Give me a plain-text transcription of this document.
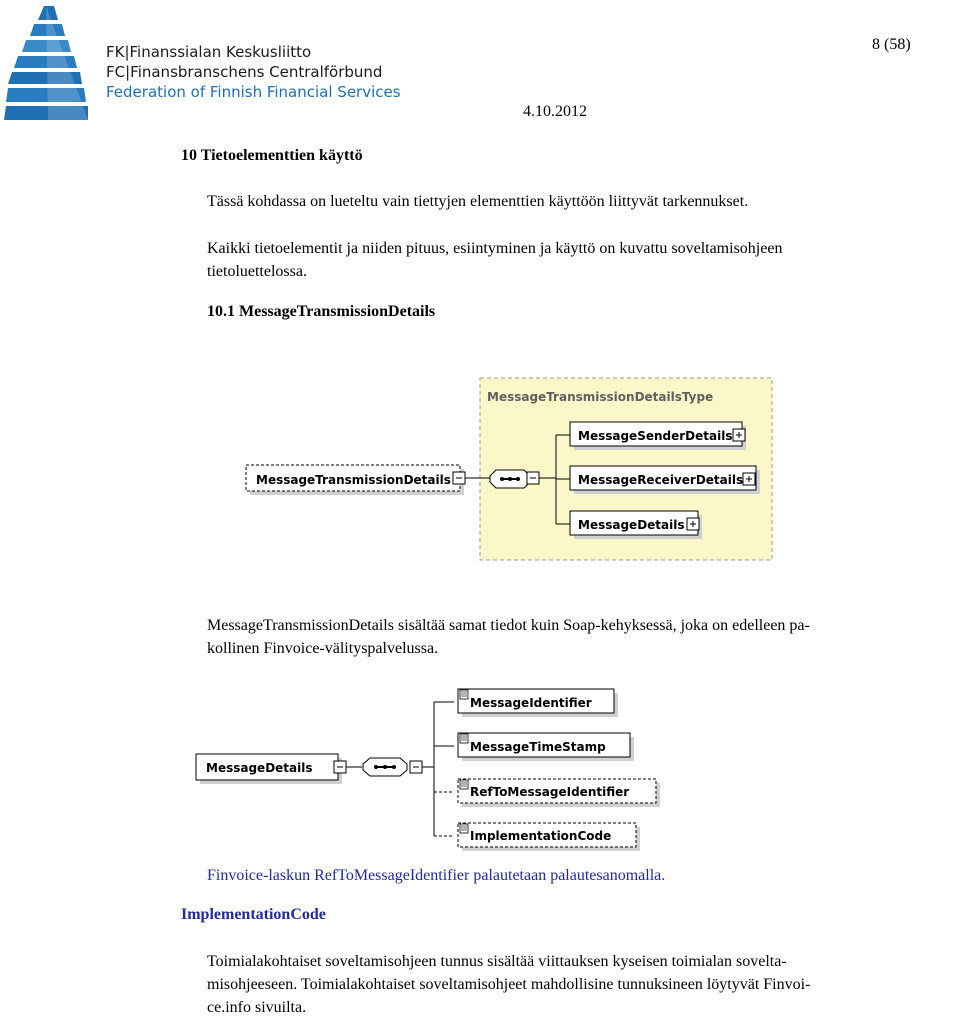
FK|Finanssialan Keskusliitto
FC|Finansbranschens Centralförbund
Federation of Finnish Financial Services
8 (58)
4.10.2012
10 Tietoelementtien käyttö
Tässä kohdassa on lueteltu vain tiettyjen elementtien käyttöön liittyvät tarkennukset.
Kaikki tietoelementit ja niiden pituus, esiintyminen ja käyttö on kuvattu soveltamisohjeen
tietoluettelossa.
10.1 MessageTransmissionDetails
MessageTransmissionDetailsType
MessageTransmissionDetails
MessageSenderDetails
MessageReceiverDetails
MessageDetails
MessageTransmissionDetails sisältää samat tiedot kuin Soap-kehyksessä, joka on edelleen pa-
kollinen Finvoice-välityspalvelussa.
MessageDetails
MessageIdentifier
MessageTimeStamp
RefToMessageIdentifier
ImplementationCode
Finvoice-laskun RefToMessageIdentifier palautetaan palautesanomalla.
ImplementationCode
Toimialakohtaiset soveltamisohjeen tunnus sisältää viittauksen kyseisen toimialan sovelta-
misohjeeseen. Toimialakohtaiset soveltamisohjeet mahdollisine tunnuksineen löytyvät Finvoi-
ce.info sivuilta.
